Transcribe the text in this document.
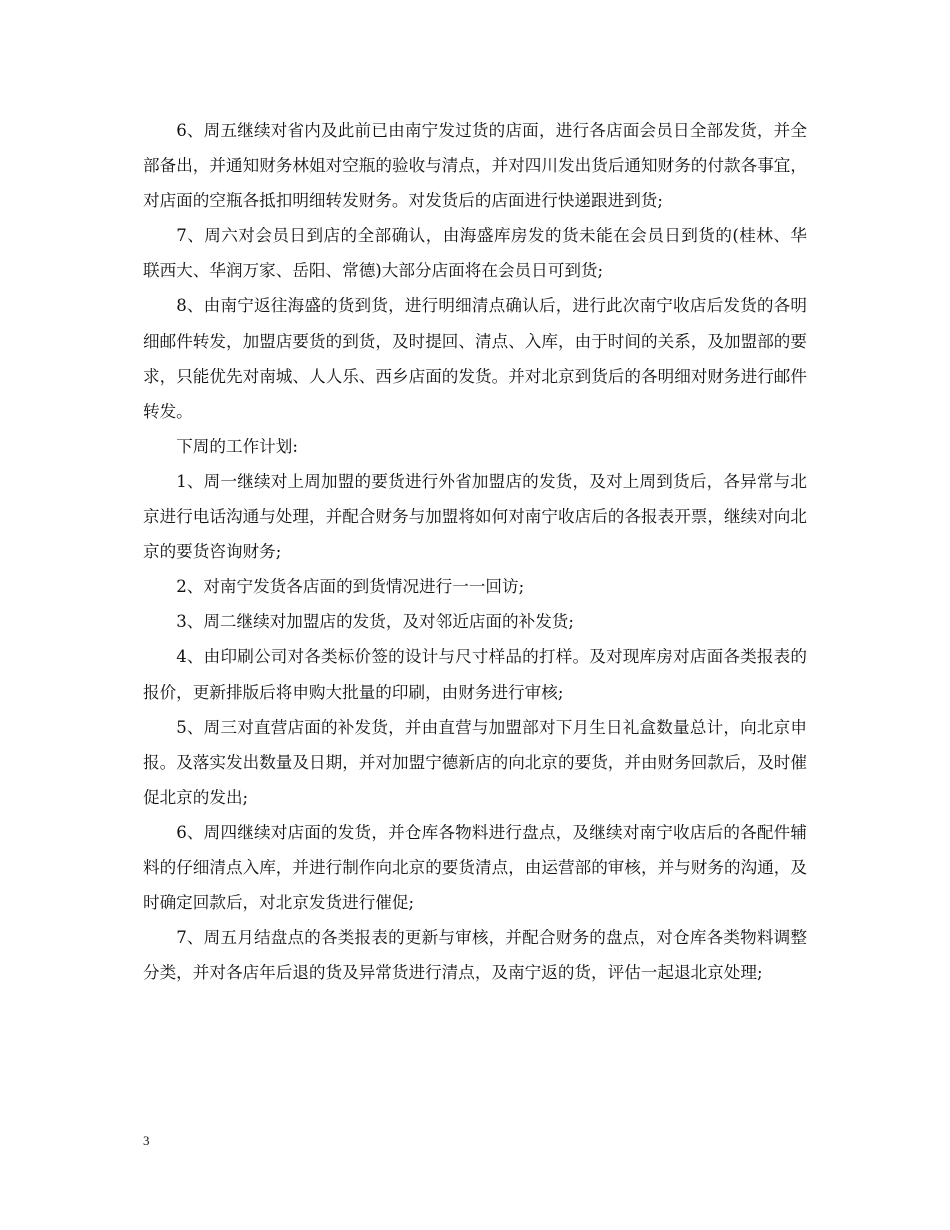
6、周五继续对省内及此前已由南宁发过货的店面，进行各店面会员日全部发货，并全部备出，并通知财务林姐对空瓶的验收与清点，并对四川发出货后通知财务的付款各事宜，对店面的空瓶各抵扣明细转发财务。对发货后的店面进行快递跟进到货;

7、周六对会员日到店的全部确认，由海盛库房发的货未能在会员日到货的(桂林、华联西大、华润万家、岳阳、常德)大部分店面将在会员日可到货;

8、由南宁返往海盛的货到货，进行明细清点确认后，进行此次南宁收店后发货的各明细邮件转发，加盟店要货的到货，及时提回、清点、入库，由于时间的关系，及加盟部的要求，只能优先对南城、人人乐、西乡店面的发货。并对北京到货后的各明细对财务进行邮件转发。

下周的工作计划:

1、周一继续对上周加盟的要货进行外省加盟店的发货，及对上周到货后，各异常与北京进行电话沟通与处理，并配合财务与加盟将如何对南宁收店后的各报表开票，继续对向北京的要货咨询财务;

2、对南宁发货各店面的到货情况进行一一回访;

3、周二继续对加盟店的发货，及对邻近店面的补发货;

4、由印刷公司对各类标价签的设计与尺寸样品的打样。及对现库房对店面各类报表的报价，更新排版后将申购大批量的印刷，由财务进行审核;

5、周三对直营店面的补发货，并由直营与加盟部对下月生日礼盒数量总计，向北京申报。及落实发出数量及日期，并对加盟宁德新店的向北京的要货，并由财务回款后，及时催促北京的发出;

6、周四继续对店面的发货，并仓库各物料进行盘点，及继续对南宁收店后的各配件辅料的仔细清点入库，并进行制作向北京的要货清点，由运营部的审核，并与财务的沟通，及时确定回款后，对北京发货进行催促;

7、周五月结盘点的各类报表的更新与审核，并配合财务的盘点，对仓库各类物料调整分类，并对各店年后退的货及异常货进行清点，及南宁返的货，评估一起退北京处理;

3
